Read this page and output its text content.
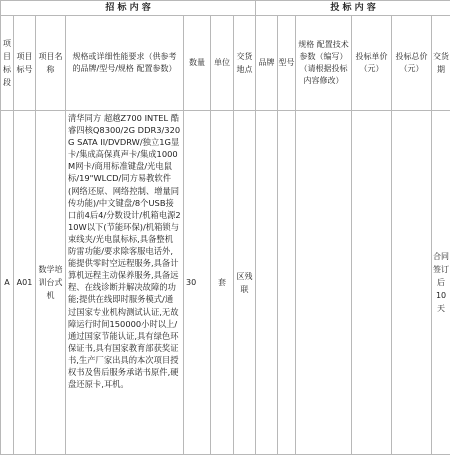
招 标 内 容							投 标 内 容					
项目标段	项目标号	项目名称	规格或详细性能要求（供参考的品牌/型号/规格 配置参数）	数量	单位	交货地点	品牌	型号	规格 配置技术参数（编写）（请根据投标内容修改）	投标单价（元）	投标总价（元）	交货期
A	A01	数学培训台式机	清华同方 超越Z700 INTEL 酷睿四核Q8300/2G DDR3/320G SATA II/DVDRW/独立1G显卡/集成高保真声卡/集成1000M网卡/商用标准键盘/光电鼠标/19"WLCD/同方易教软件(网络还原、网络控制、增量同传功能)/中文键盘/8个USB接口前4后4/分数设计/机箱电源210W以下(节能环保)/机箱锁与束线夹/光电鼠标标,具备整机防雷功能/要求除客服电话外,能提供零时空远程服务,具备计算机远程主动保养服务,具备远程、在线诊断并解决故障的功能;提供在线即时服务模式/通过国家专业机构测试认证,无故障运行时间150000小时以上/通过国家节能认证,具有绿色环保证书,具有国家教育部获奖证书,生产厂家出具的本次项目授权书及售后服务承诺书原件,硬盘还原卡,耳机。	30	套	区残联						合同签订后10天
